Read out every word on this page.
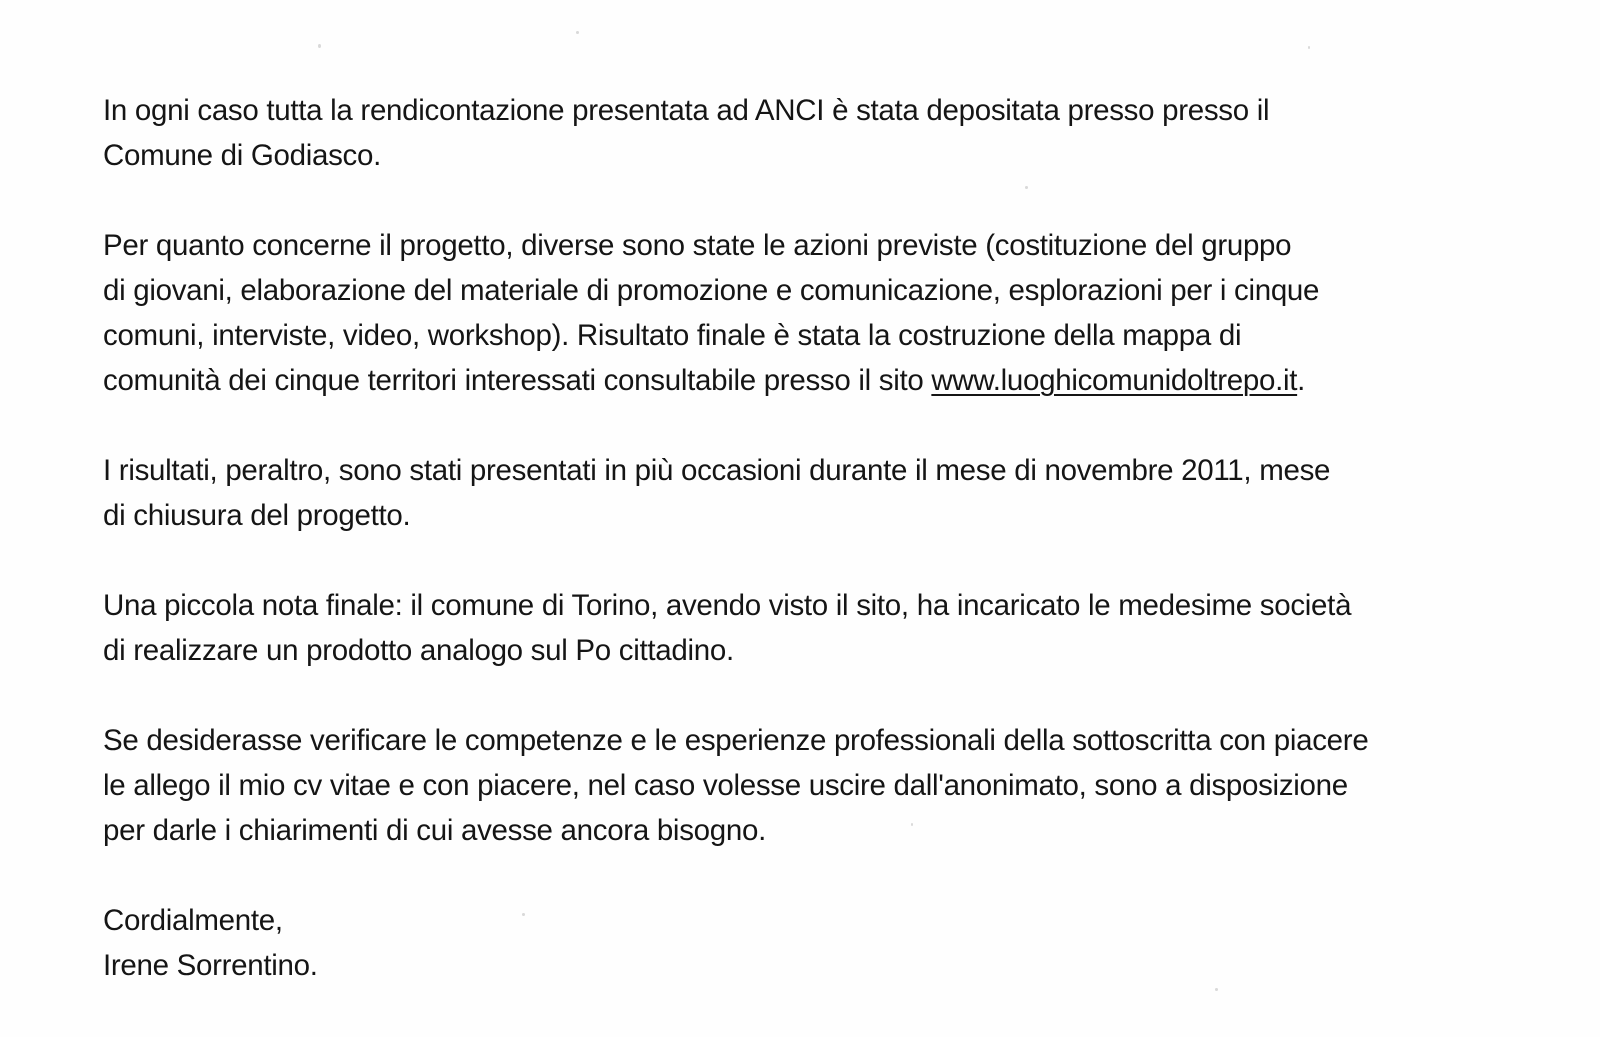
In ogni caso tutta la rendicontazione presentata ad ANCI è stata depositata presso presso il
Comune di Godiasco.
Per quanto concerne il progetto, diverse sono state le azioni previste (costituzione del gruppo
di giovani, elaborazione del materiale di promozione e comunicazione, esplorazioni per i cinque
comuni, interviste, video, workshop). Risultato finale è stata la costruzione della mappa di
comunità dei cinque territori interessati consultabile presso il sito www.luoghicomunidoltrepo.it.
I risultati, peraltro, sono stati presentati in più occasioni durante il mese di novembre 2011, mese
di chiusura del progetto.
Una piccola nota finale: il comune di Torino, avendo visto il sito, ha incaricato le medesime società
di realizzare un prodotto analogo sul Po cittadino.
Se desiderasse verificare le competenze e le esperienze professionali della sottoscritta con piacere
le allego il mio cv vitae e con piacere, nel caso volesse uscire dall'anonimato, sono a disposizione
per darle i chiarimenti di cui avesse ancora bisogno.
Cordialmente,
Irene Sorrentino.
